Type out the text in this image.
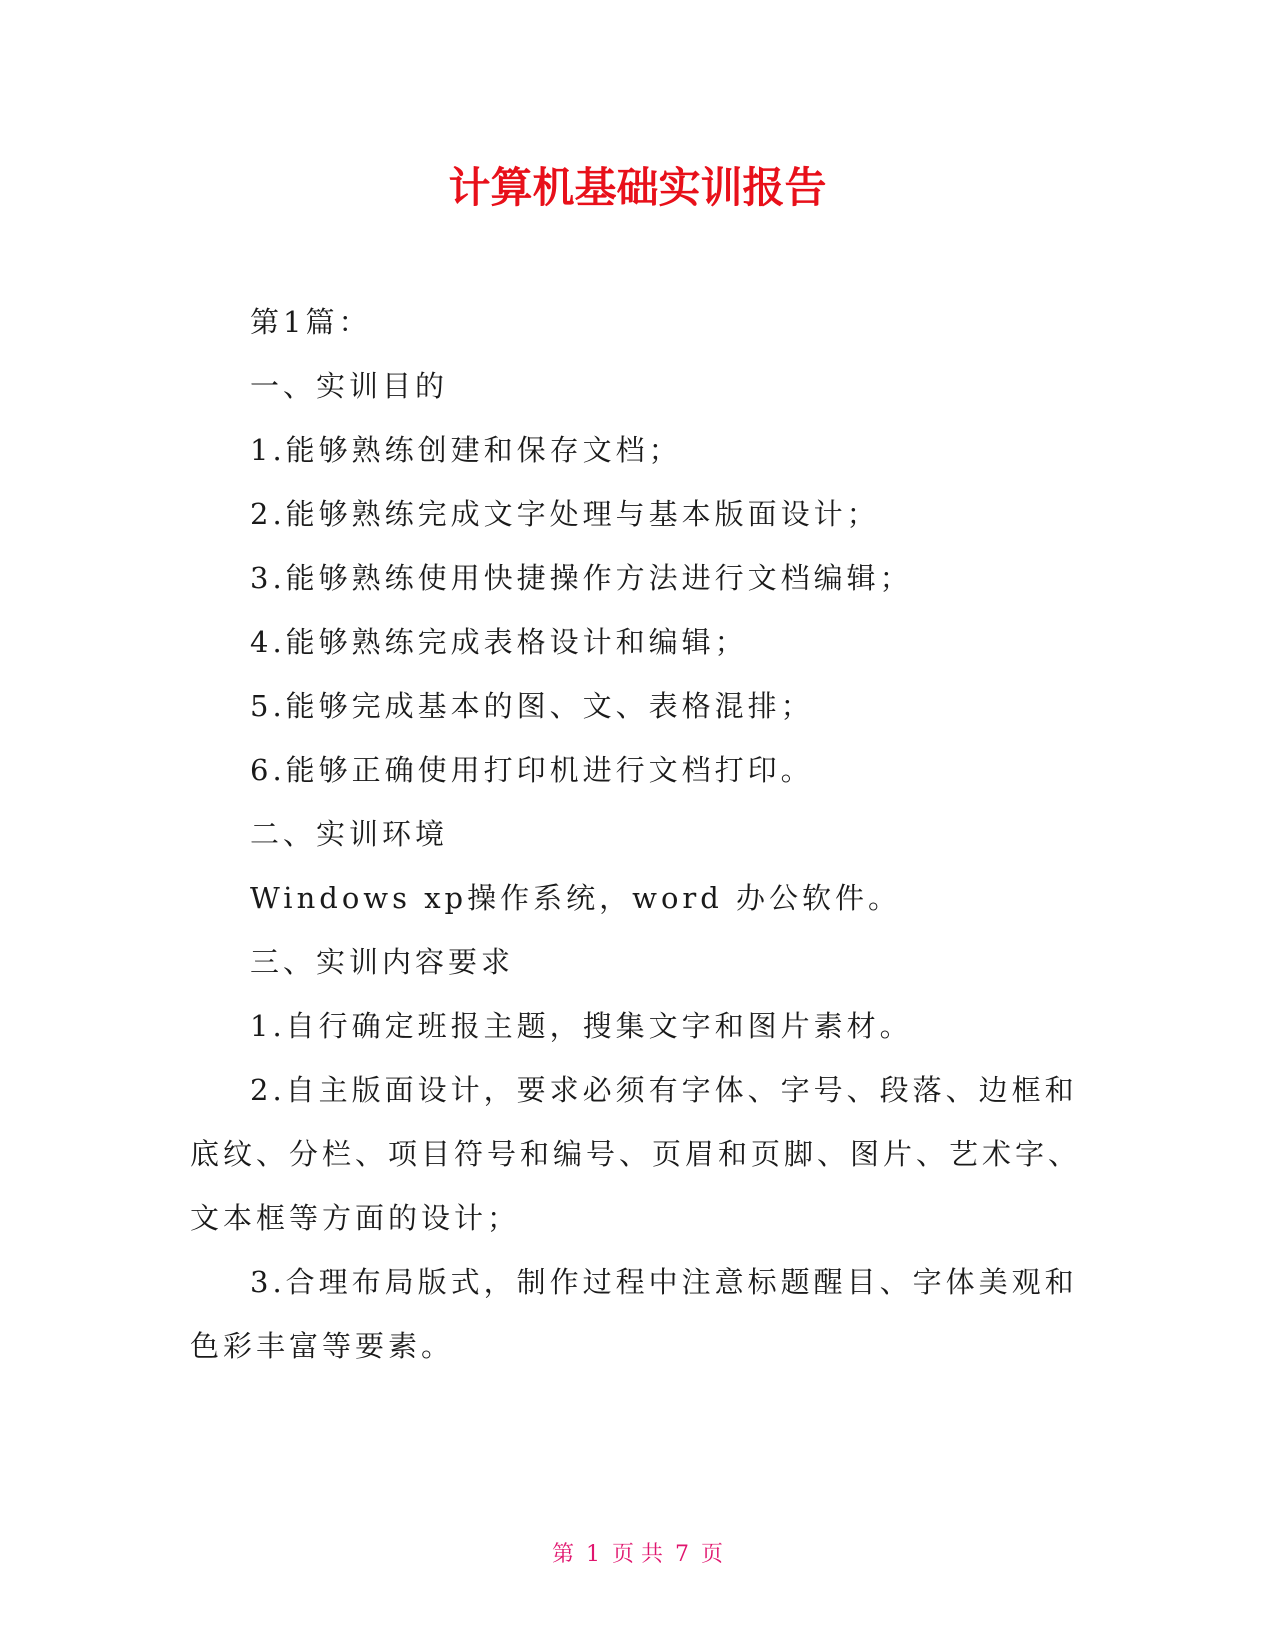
计算机基础实训报告

第1篇：

一、实训目的

1.能够熟练创建和保存文档；

2.能够熟练完成文字处理与基本版面设计；

3.能够熟练使用快捷操作方法进行文档编辑；

4.能够熟练完成表格设计和编辑；

5.能够完成基本的图、文、表格混排；

6.能够正确使用打印机进行文档打印。

二、实训环境

Windows xp操作系统，word 办公软件。

三、实训内容要求

1.自行确定班报主题，搜集文字和图片素材。

2.自主版面设计，要求必须有字体、字号、段落、边框和底纹、分栏、项目符号和编号、页眉和页脚、图片、艺术字、文本框等方面的设计；

3.合理布局版式，制作过程中注意标题醒目、字体美观和色彩丰富等要素。

第 1 页 共 7 页
